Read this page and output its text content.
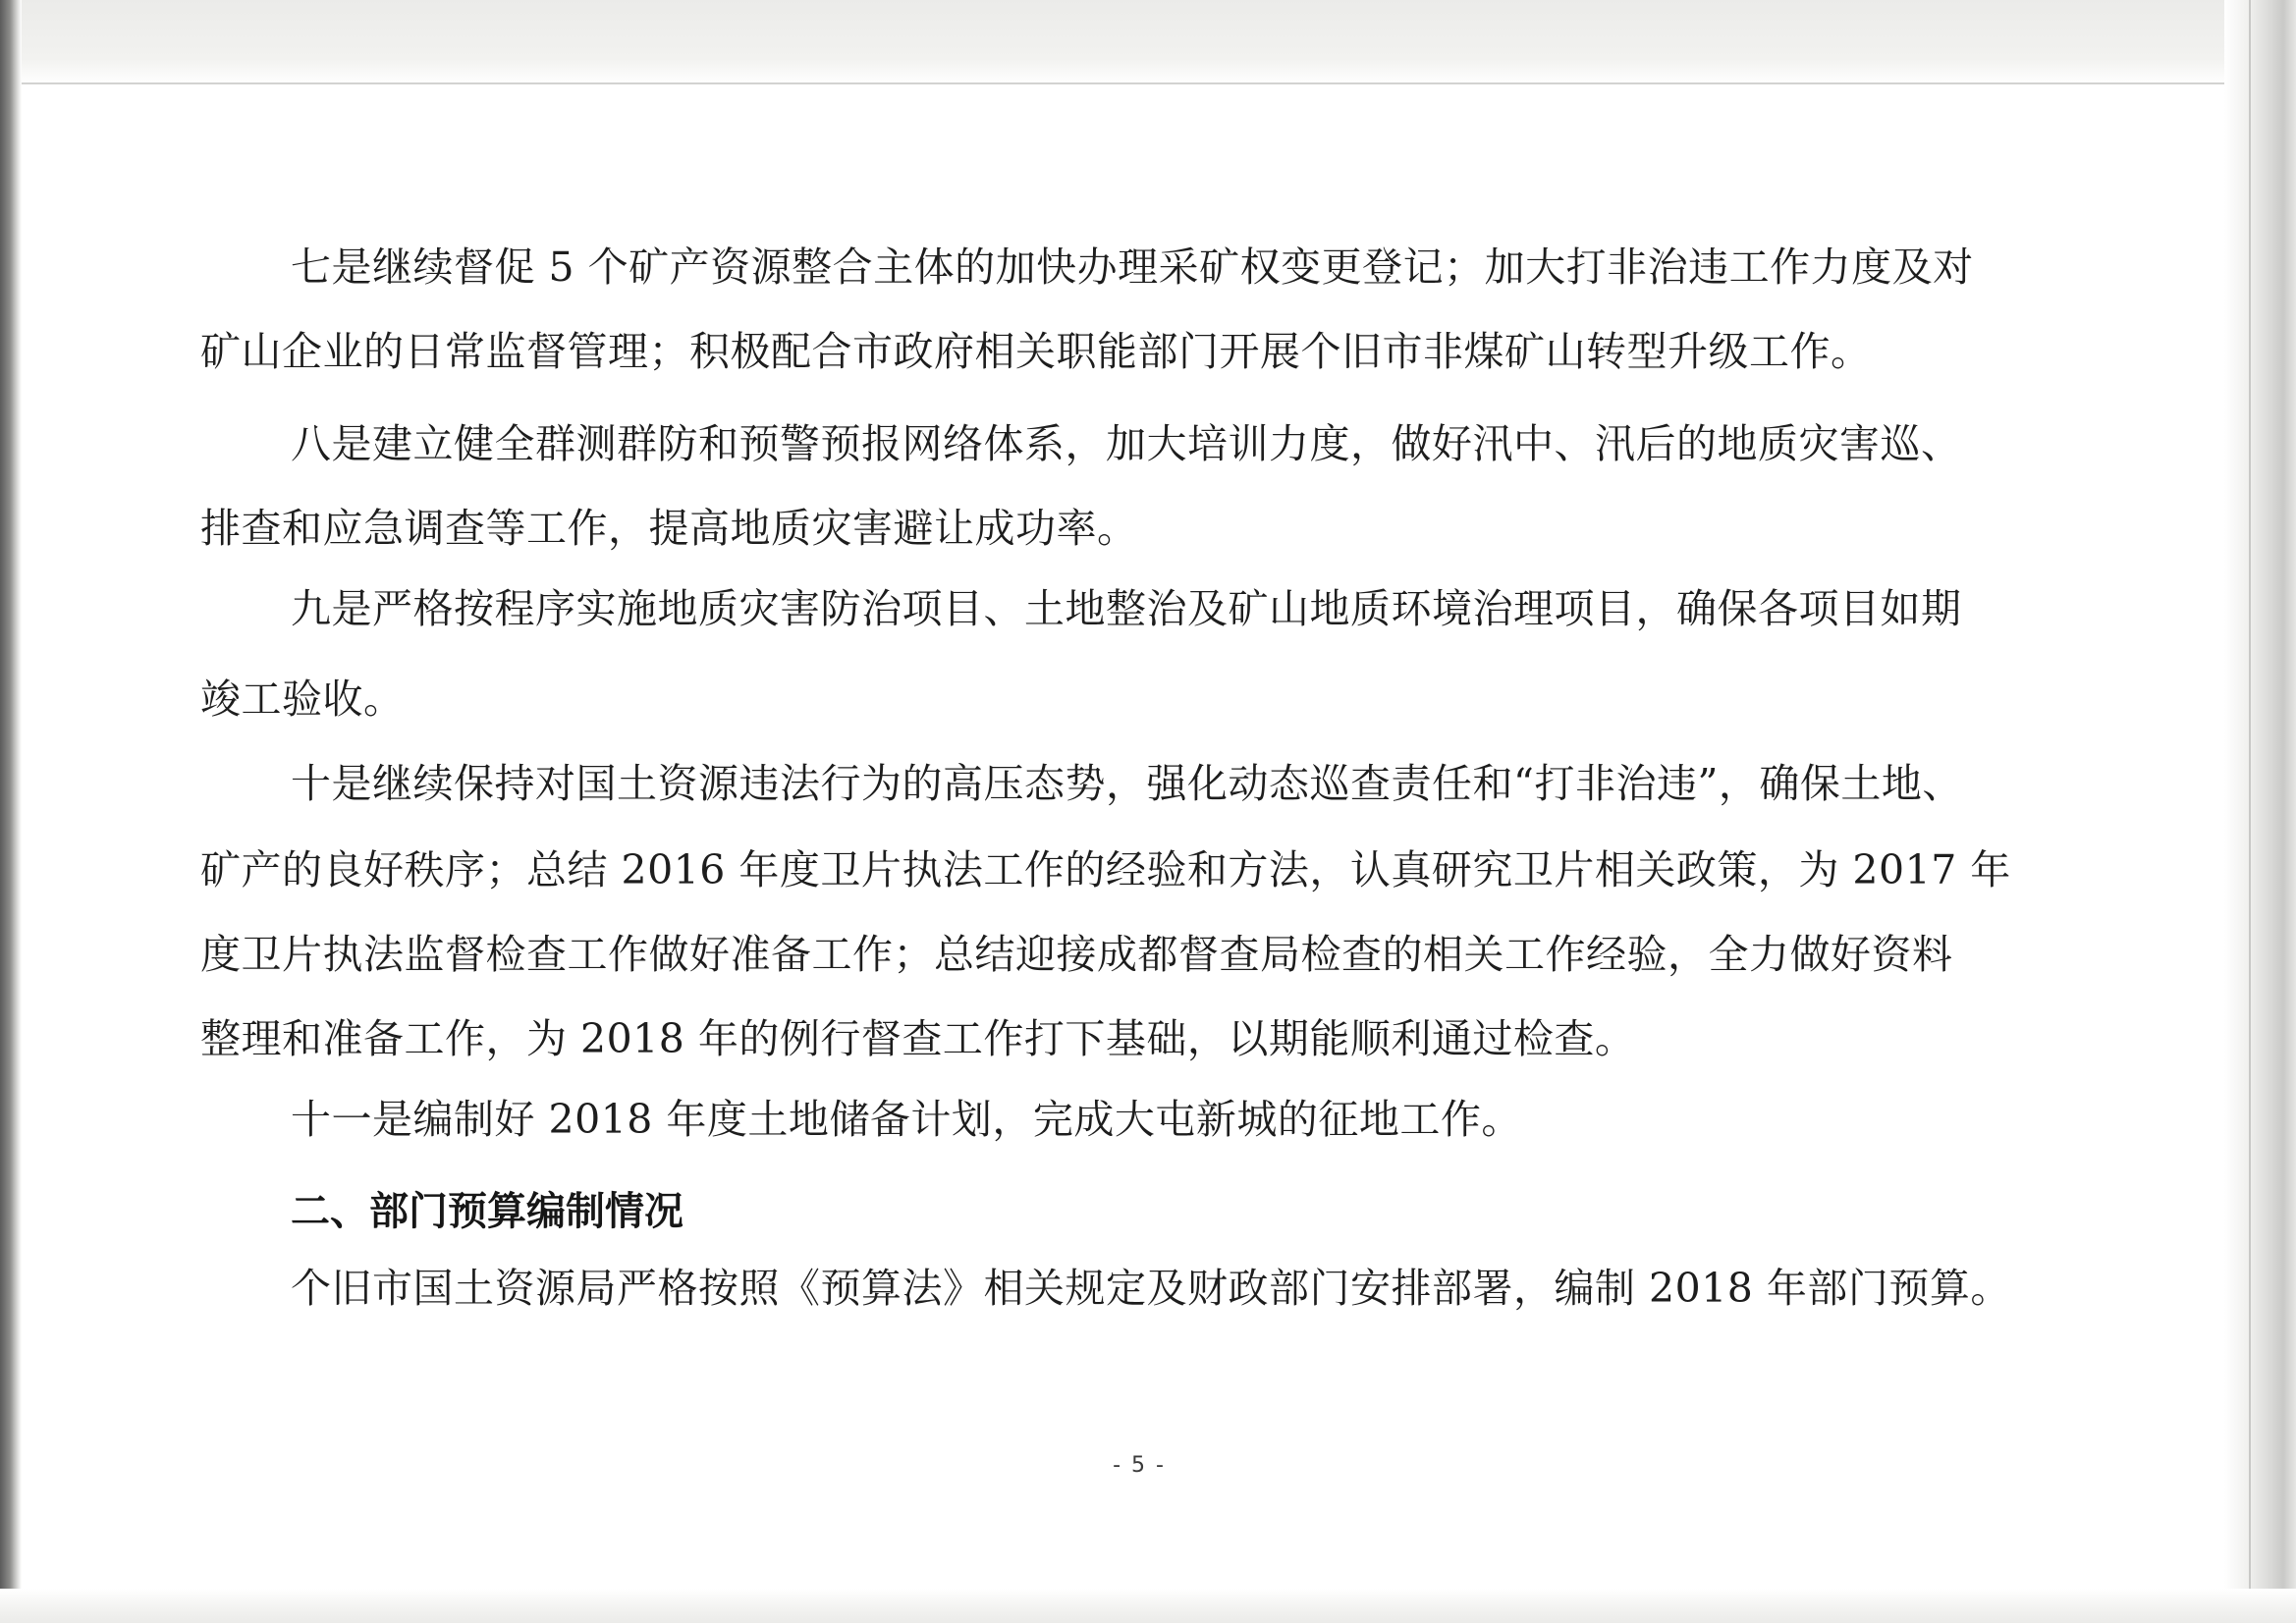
七是继续督促 5 个矿产资源整合主体的加快办理采矿权变更登记；加大打非治违工作力度及对
矿山企业的日常监督管理；积极配合市政府相关职能部门开展个旧市非煤矿山转型升级工作。
八是建立健全群测群防和预警预报网络体系，加大培训力度，做好汛中、汛后的地质灾害巡、
排查和应急调查等工作，提高地质灾害避让成功率。
九是严格按程序实施地质灾害防治项目、土地整治及矿山地质环境治理项目，确保各项目如期
竣工验收。
十是继续保持对国土资源违法行为的高压态势，强化动态巡查责任和“打非治违”，确保土地、
矿产的良好秩序；总结 2016 年度卫片执法工作的经验和方法，认真研究卫片相关政策，为 2017 年
度卫片执法监督检查工作做好准备工作；总结迎接成都督查局检查的相关工作经验，全力做好资料
整理和准备工作，为 2018 年的例行督查工作打下基础，以期能顺利通过检查。
十一是编制好 2018 年度土地储备计划，完成大屯新城的征地工作。
二、部门预算编制情况
个旧市国土资源局严格按照《预算法》相关规定及财政部门安排部署，编制 2018 年部门预算。
- 5 -
